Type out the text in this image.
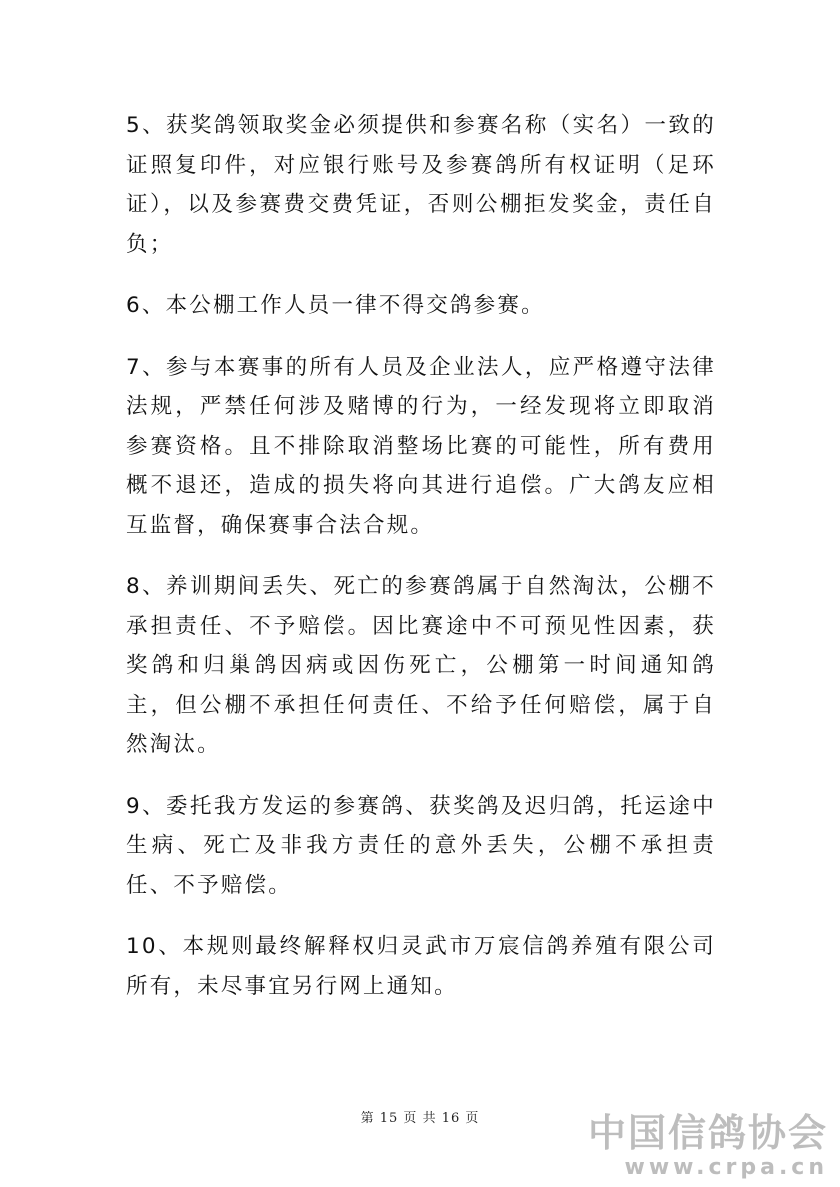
5、获奖鸽领取奖金必须提供和参赛名称（实名）一致的证照复印件，对应银行账号及参赛鸽所有权证明（足环证），以及参赛费交费凭证，否则公棚拒发奖金，责任自负；

6、本公棚工作人员一律不得交鸽参赛。

7、参与本赛事的所有人员及企业法人，应严格遵守法律法规，严禁任何涉及赌博的行为，一经发现将立即取消参赛资格。且不排除取消整场比赛的可能性，所有费用概不退还，造成的损失将向其进行追偿。广大鸽友应相互监督，确保赛事合法合规。

8、养训期间丢失、死亡的参赛鸽属于自然淘汰，公棚不承担责任、不予赔偿。因比赛途中不可预见性因素，获奖鸽和归巢鸽因病或因伤死亡，公棚第一时间通知鸽主，但公棚不承担任何责任、不给予任何赔偿，属于自然淘汰。

9、委托我方发运的参赛鸽、获奖鸽及迟归鸽，托运途中生病、死亡及非我方责任的意外丢失，公棚不承担责任、不予赔偿。

10、本规则最终解释权归灵武市万宸信鸽养殖有限公司所有，未尽事宜另行网上通知。

第 15 页 共 16 页	中国信鸽协会
www.crpa.cn
